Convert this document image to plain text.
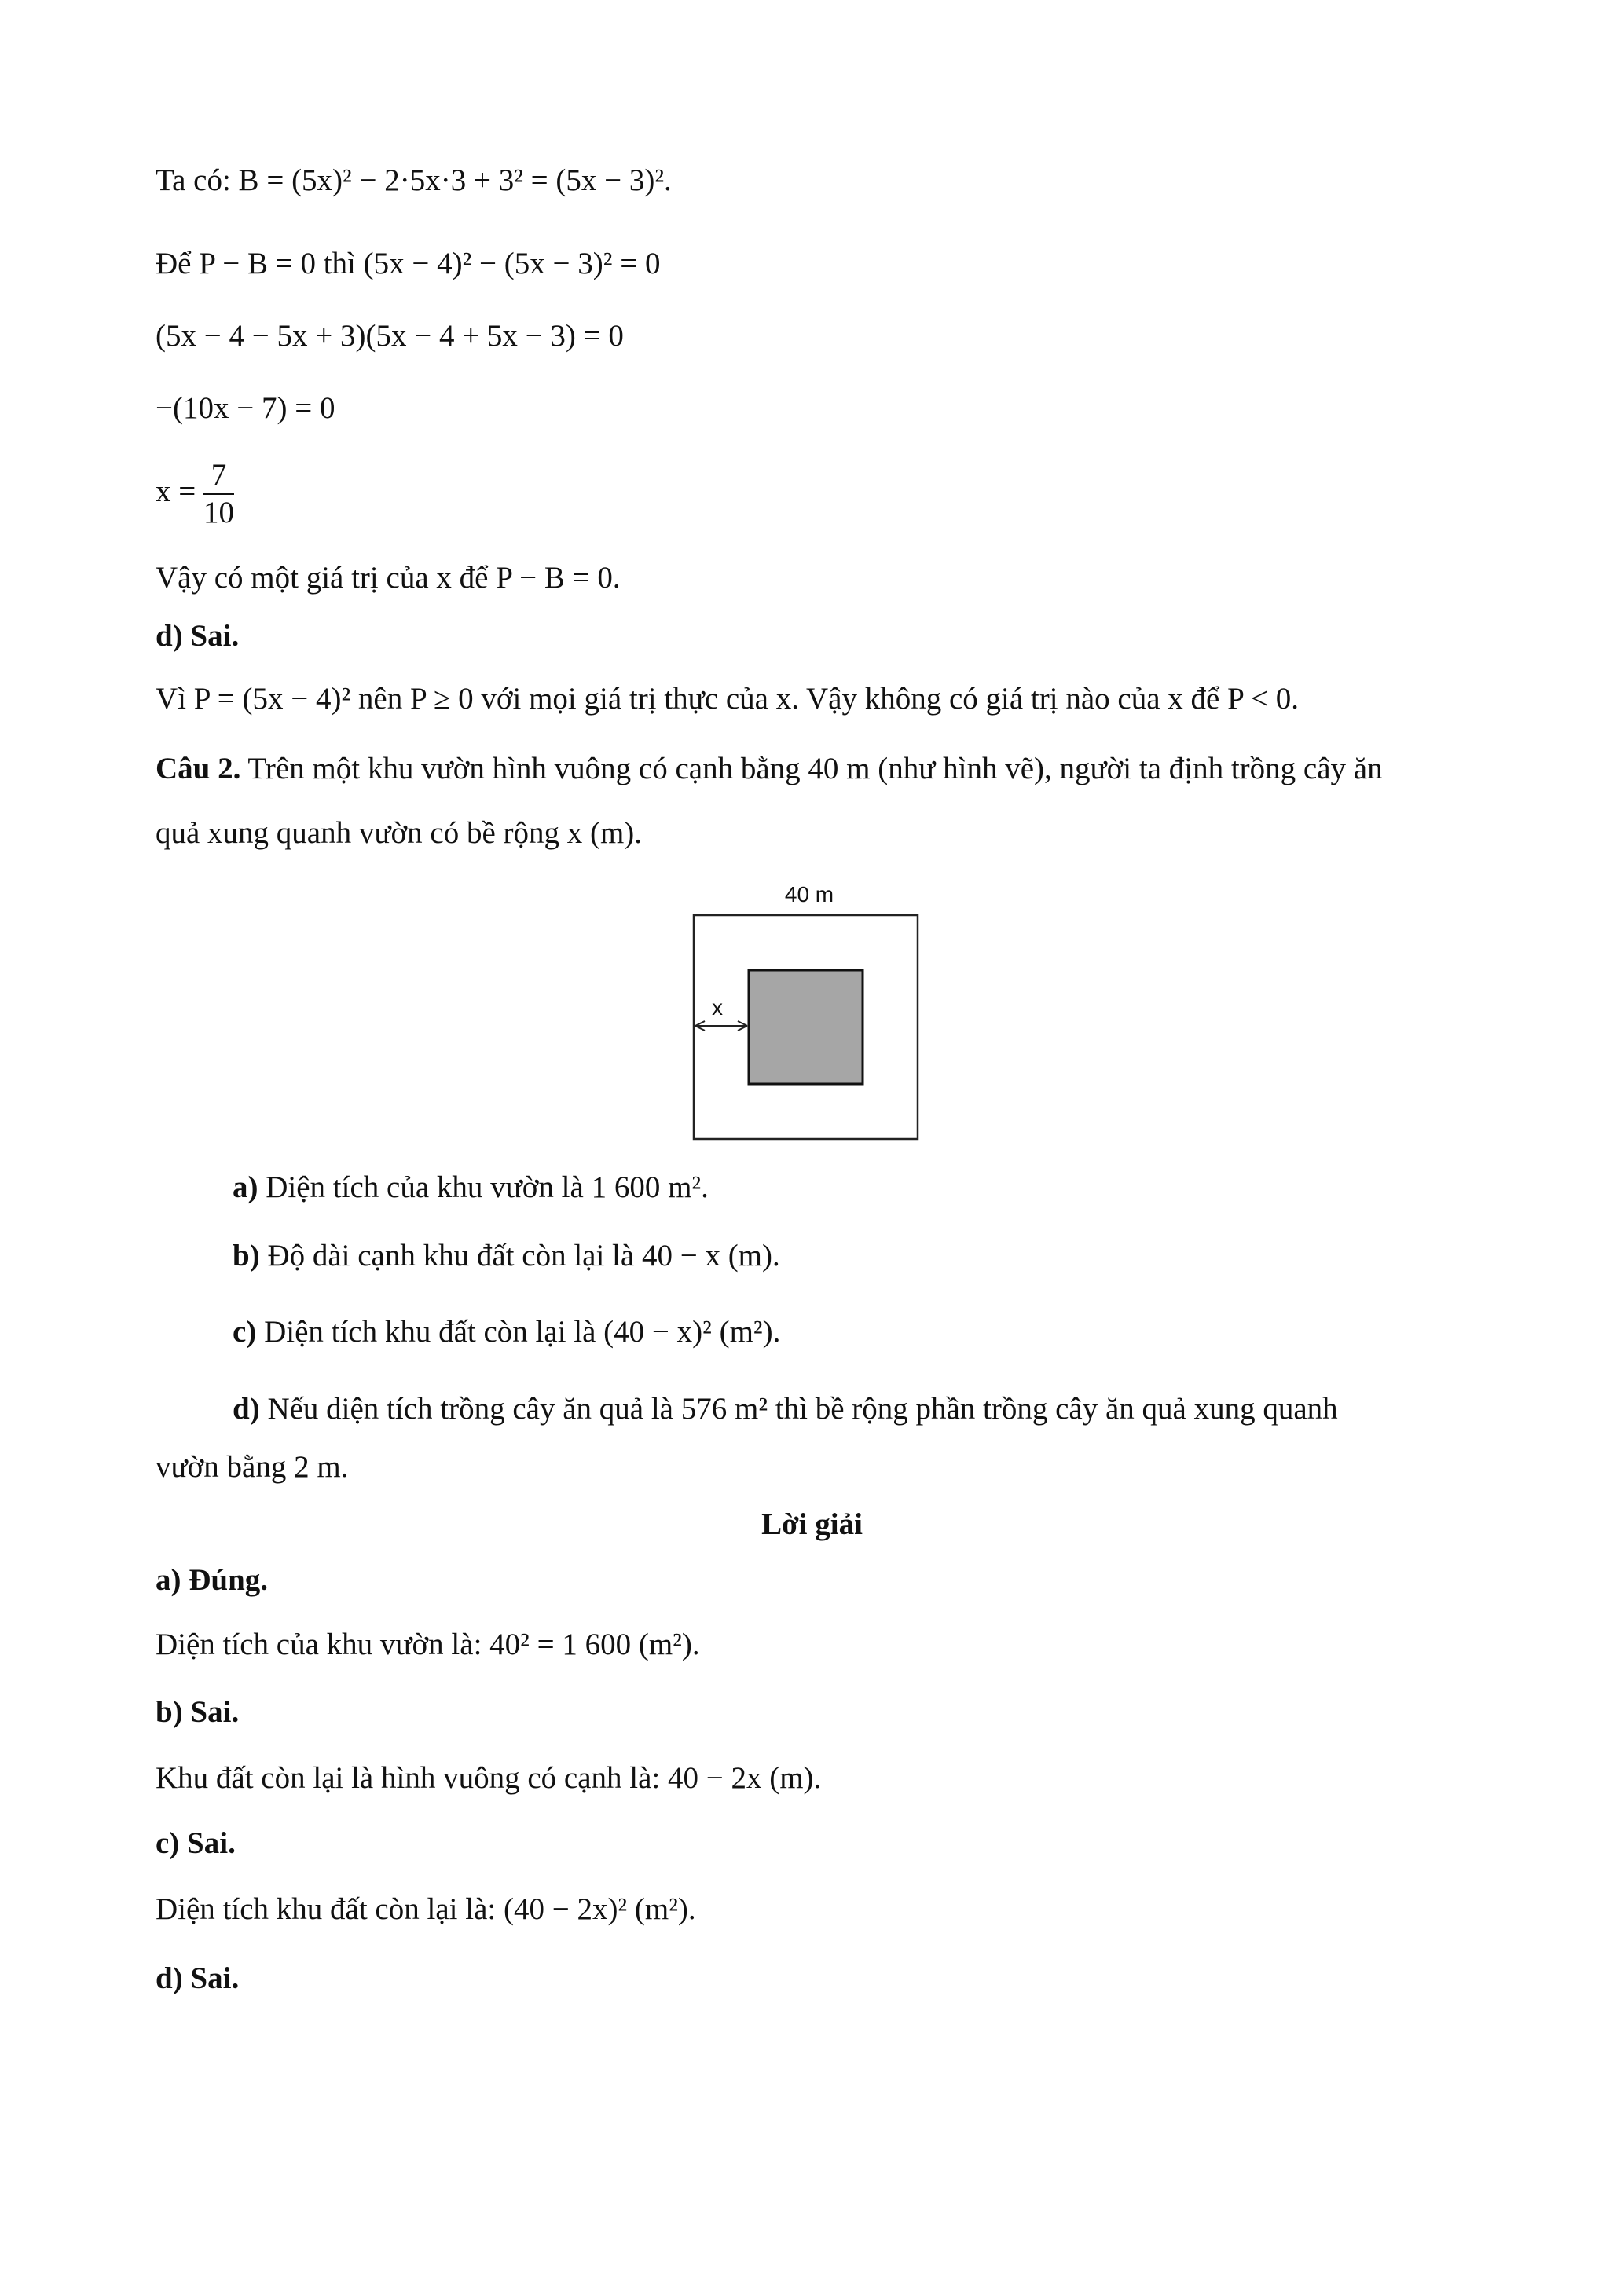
Ta có: B = (5x)² − 2·5x·3 + 3² = (5x − 3)².
Để P − B = 0 thì (5x − 4)² − (5x − 3)² = 0
(5x − 4 − 5x + 3)(5x − 4 + 5x − 3) = 0
−(10x − 7) = 0
$x = \frac{7}{10}$
Vậy có một giá trị của x để P − B = 0.
d) Sai.
Vì P = (5x − 4)² nên P ≥ 0 với mọi giá trị thực của x. Vậy không có giá trị nào của x để P < 0.
Câu 2. Trên một khu vườn hình vuông có cạnh bằng 40 m (như hình vẽ), người ta định trồng cây ăn
quả xung quanh vườn có bề rộng x (m).
40 m
x
a) Diện tích của khu vườn là 1 600 m².
b) Độ dài cạnh khu đất còn lại là 40 − x (m).
c) Diện tích khu đất còn lại là (40 − x)² (m²).
d) Nếu diện tích trồng cây ăn quả là 576 m² thì bề rộng phần trồng cây ăn quả xung quanh
vườn bằng 2 m.
Lời giải
a) Đúng.
Diện tích của khu vườn là: 40² = 1 600 (m²).
b) Sai.
Khu đất còn lại là hình vuông có cạnh là: 40 − 2x (m).
c) Sai.
Diện tích khu đất còn lại là: (40 − 2x)² (m²).
d) Sai.
